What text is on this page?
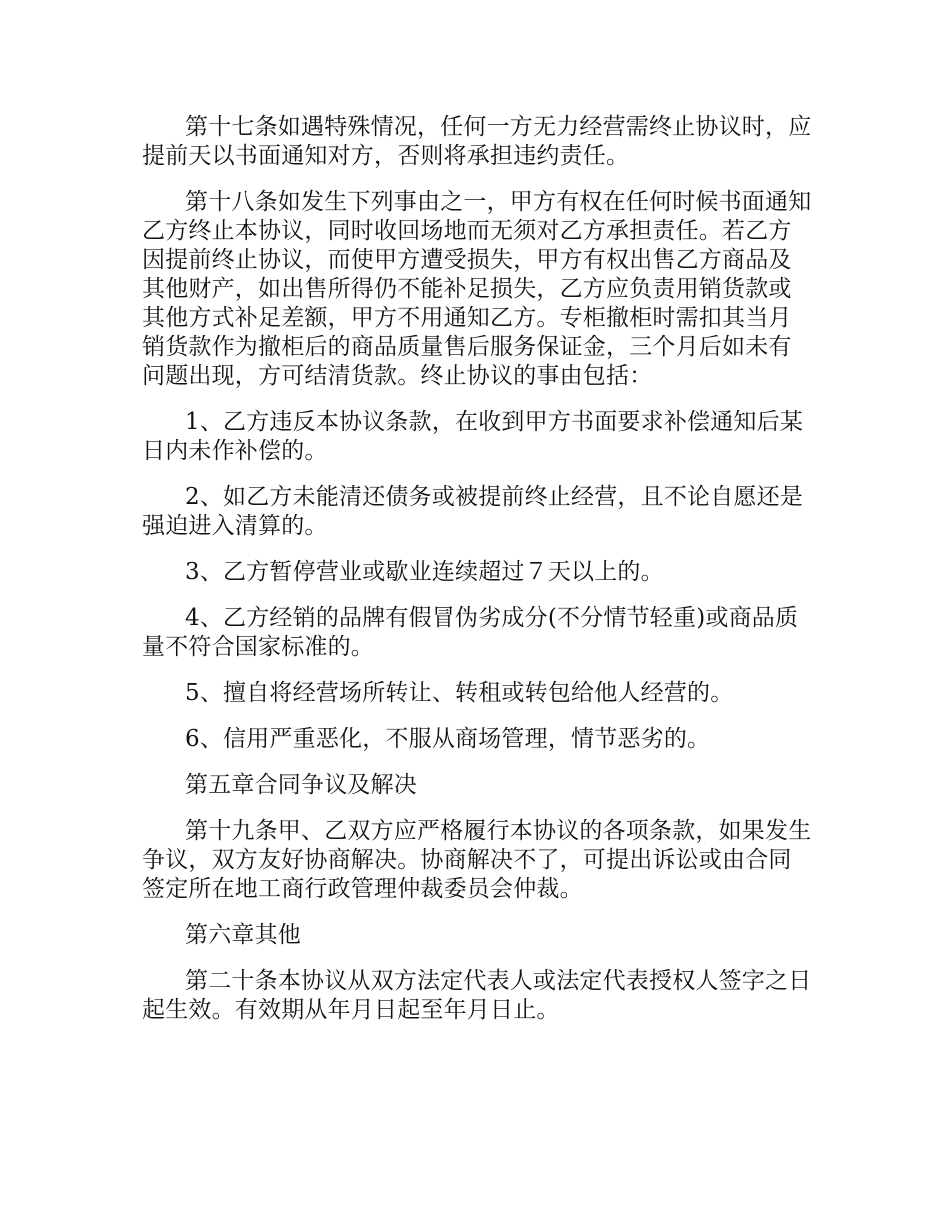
第十七条如遇特殊情况，任何一方无力经营需终止协议时，应提前天以书面通知对方，否则将承担违约责任。

第十八条如发生下列事由之一，甲方有权在任何时候书面通知乙方终止本协议，同时收回场地而无须对乙方承担责任。若乙方因提前终止协议，而使甲方遭受损失，甲方有权出售乙方商品及其他财产，如出售所得仍不能补足损失，乙方应负责用销货款或其他方式补足差额，甲方不用通知乙方。专柜撤柜时需扣其当月销货款作为撤柜后的商品质量售后服务保证金，三个月后如未有问题出现，方可结清货款。终止协议的事由包括：

1、乙方违反本协议条款，在收到甲方书面要求补偿通知后某日内未作补偿的。

2、如乙方未能清还债务或被提前终止经营，且不论自愿还是强迫进入清算的。

3、乙方暂停营业或歇业连续超过７天以上的。

4、乙方经销的品牌有假冒伪劣成分(不分情节轻重)或商品质量不符合国家标准的。

5、擅自将经营场所转让、转租或转包给他人经营的。

6、信用严重恶化，不服从商场管理，情节恶劣的。

第五章合同争议及解决

第十九条甲、乙双方应严格履行本协议的各项条款，如果发生争议，双方友好协商解决。协商解决不了，可提出诉讼或由合同签定所在地工商行政管理仲裁委员会仲裁。

第六章其他

第二十条本协议从双方法定代表人或法定代表授权人签字之日起生效。有效期从年月日起至年月日止。
